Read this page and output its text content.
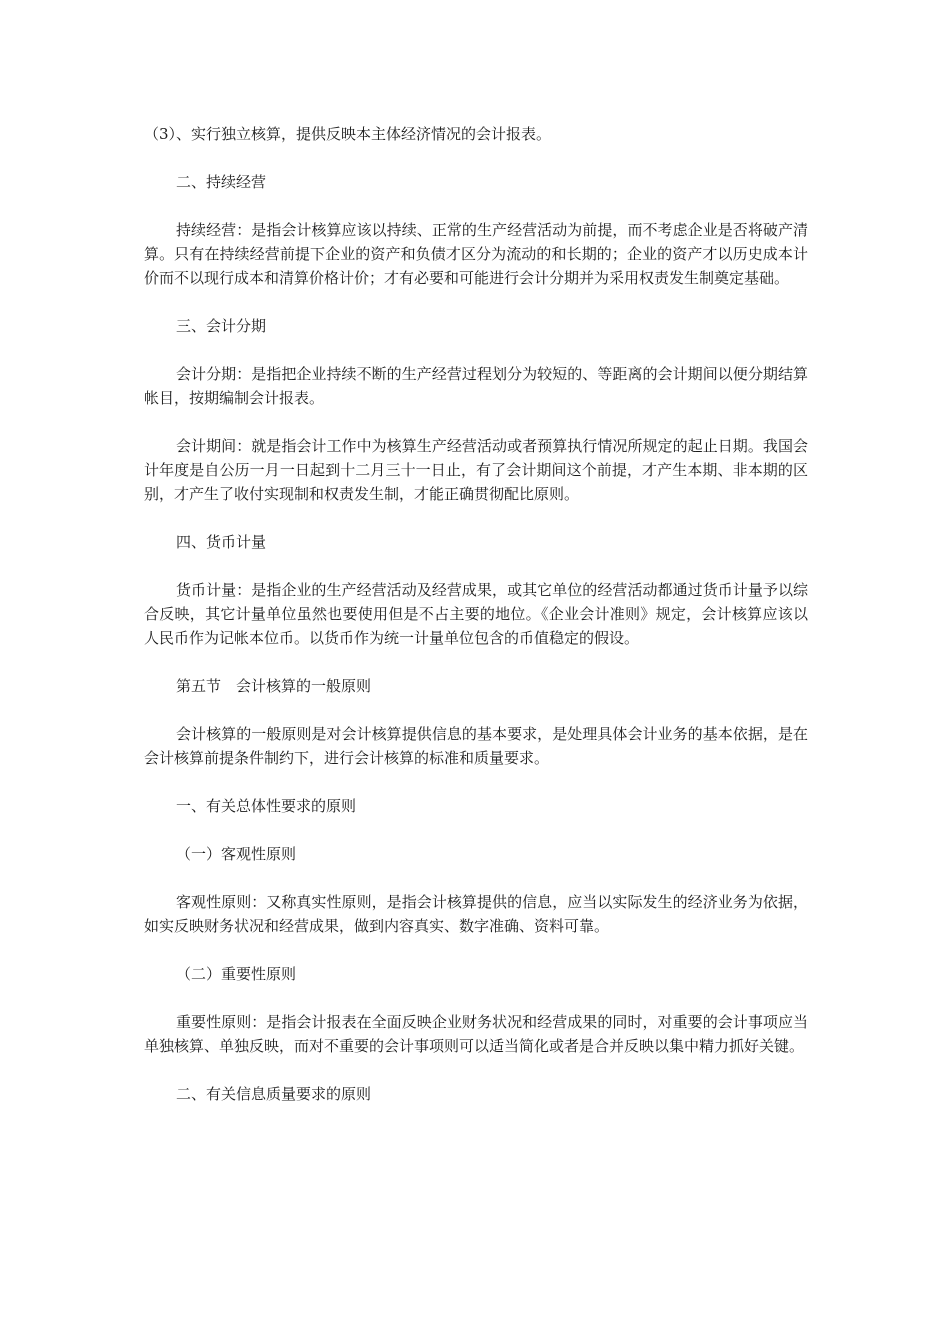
（3）、实行独立核算，提供反映本主体经济情况的会计报表。

二、持续经营

持续经营：是指会计核算应该以持续、正常的生产经营活动为前提，而不考虑企业是否将破产清算。只有在持续经营前提下企业的资产和负债才区分为流动的和长期的；企业的资产才以历史成本计价而不以现行成本和清算价格计价；才有必要和可能进行会计分期并为采用权责发生制奠定基础。

三、会计分期

会计分期：是指把企业持续不断的生产经营过程划分为较短的、等距离的会计期间以便分期结算帐目，按期编制会计报表。

会计期间：就是指会计工作中为核算生产经营活动或者预算执行情况所规定的起止日期。我国会计年度是自公历一月一日起到十二月三十一日止，有了会计期间这个前提，才产生本期、非本期的区别，才产生了收付实现制和权责发生制，才能正确贯彻配比原则。

四、货币计量

货币计量：是指企业的生产经营活动及经营成果，或其它单位的经营活动都通过货币计量予以综合反映，其它计量单位虽然也要使用但是不占主要的地位。《企业会计准则》规定，会计核算应该以人民币作为记帐本位币。以货币作为统一计量单位包含的币值稳定的假设。

第五节　会计核算的一般原则

会计核算的一般原则是对会计核算提供信息的基本要求，是处理具体会计业务的基本依据，是在会计核算前提条件制约下，进行会计核算的标准和质量要求。

一、有关总体性要求的原则

（一）客观性原则

客观性原则：又称真实性原则，是指会计核算提供的信息，应当以实际发生的经济业务为依据，如实反映财务状况和经营成果，做到内容真实、数字准确、资料可靠。

（二）重要性原则

重要性原则：是指会计报表在全面反映企业财务状况和经营成果的同时，对重要的会计事项应当单独核算、单独反映，而对不重要的会计事项则可以适当简化或者是合并反映以集中精力抓好关键。

二、有关信息质量要求的原则
